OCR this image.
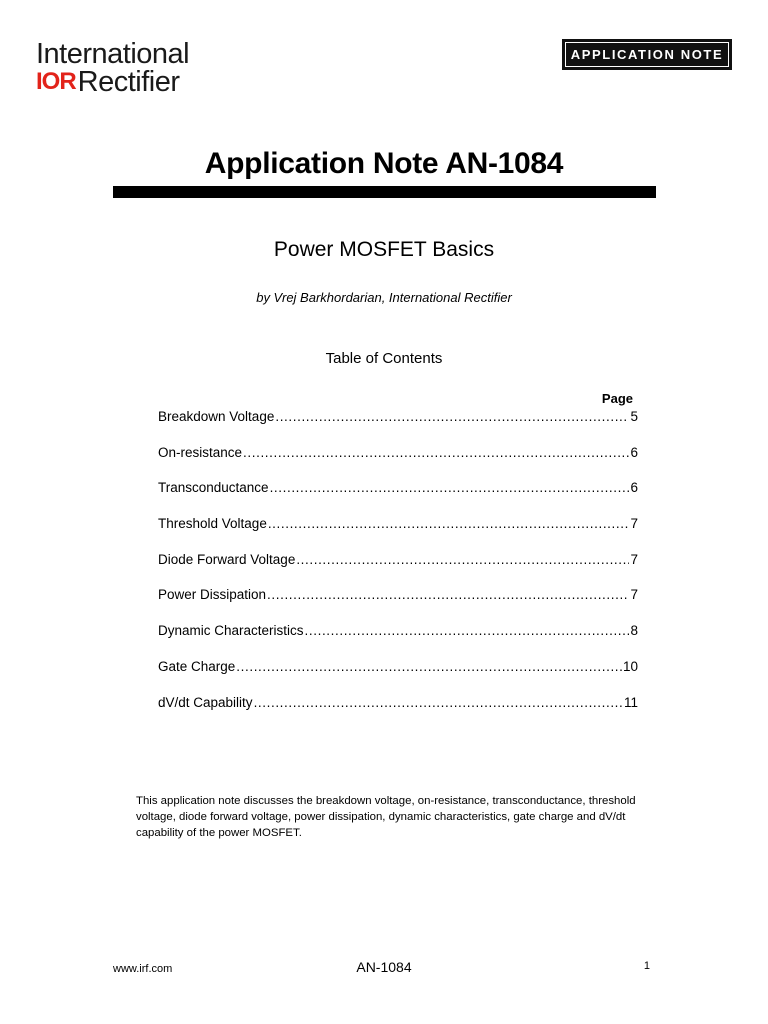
International
IOR Rectifier
APPLICATION NOTE
Application Note AN-1084
Power MOSFET Basics
by Vrej Barkhordarian, International Rectifier
Table of Contents
Page
Breakdown Voltage .....	5
On-resistance .....	6
Transconductance .....	6
Threshold Voltage .....	7
Diode Forward Voltage .....	7
Power Dissipation .....	7
Dynamic Characteristics .....	8
Gate Charge .....	10
dV/dt Capability .....	11

This application note discusses the breakdown voltage, on-resistance, transconductance, threshold voltage, diode forward voltage, power dissipation, dynamic characteristics, gate charge and dV/dt capability of the power MOSFET.

www.irf.com	AN-1084	1
